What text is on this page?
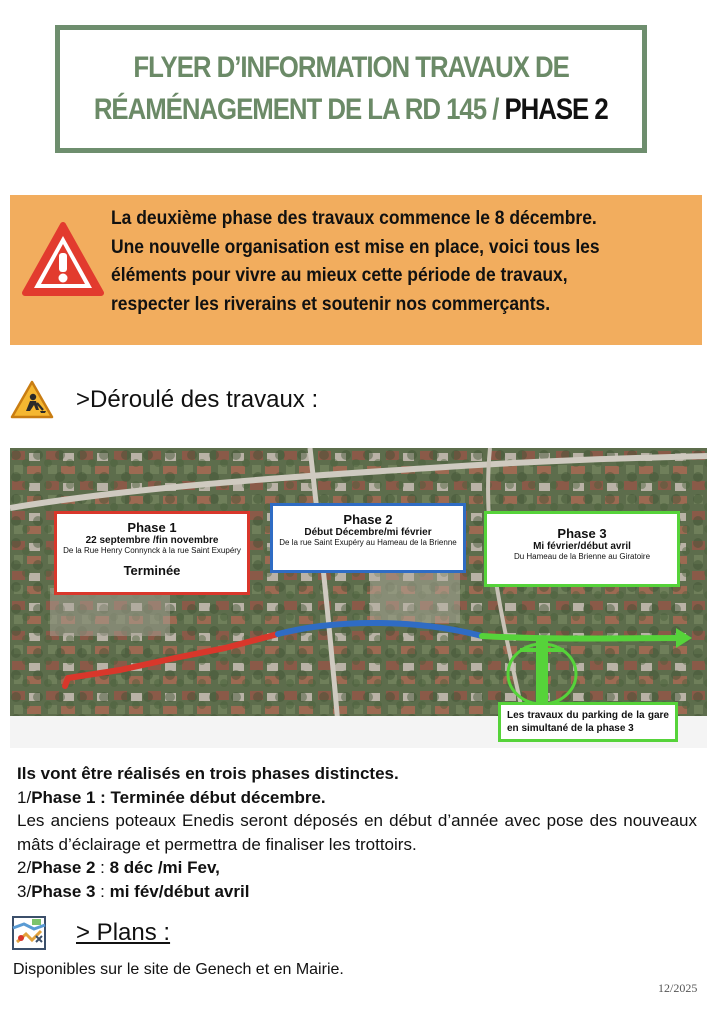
FLYER D’INFORMATION TRAVAUX DE
RÉAMÉNAGEMENT DE LA RD 145 / PHASE 2
La deuxième phase des travaux commence le 8 décembre.
Une nouvelle organisation est mise en place, voici tous les
éléments pour vivre au mieux cette période de travaux,
respecter les riverains et soutenir nos commerçants.
>Déroulé des travaux :
Phase 1
22 septembre /fin novembre
De la Rue Henry Connynck à la rue Saint Exupéry
Terminée
Phase 2
Début Décembre/mi février
De la rue Saint Exupéry au Hameau de la Brienne
Phase 3
Mi février/début avril
Du Hameau de la Brienne au Giratoire
Les travaux du parking de la gare en simultané de la phase 3

Ils vont être réalisés en trois phases distinctes.

1/Phase 1 : Terminée début décembre.

Les anciens poteaux Enedis seront déposés en début d’année avec pose des nouveaux mâts d’éclairage et permettra de finaliser les trottoirs.

2/Phase 2 : 8 déc /mi Fev,

3/Phase 3 : mi fév/début avril

> Plans :
Disponibles sur le site de Genech et en Mairie.
12/2025
